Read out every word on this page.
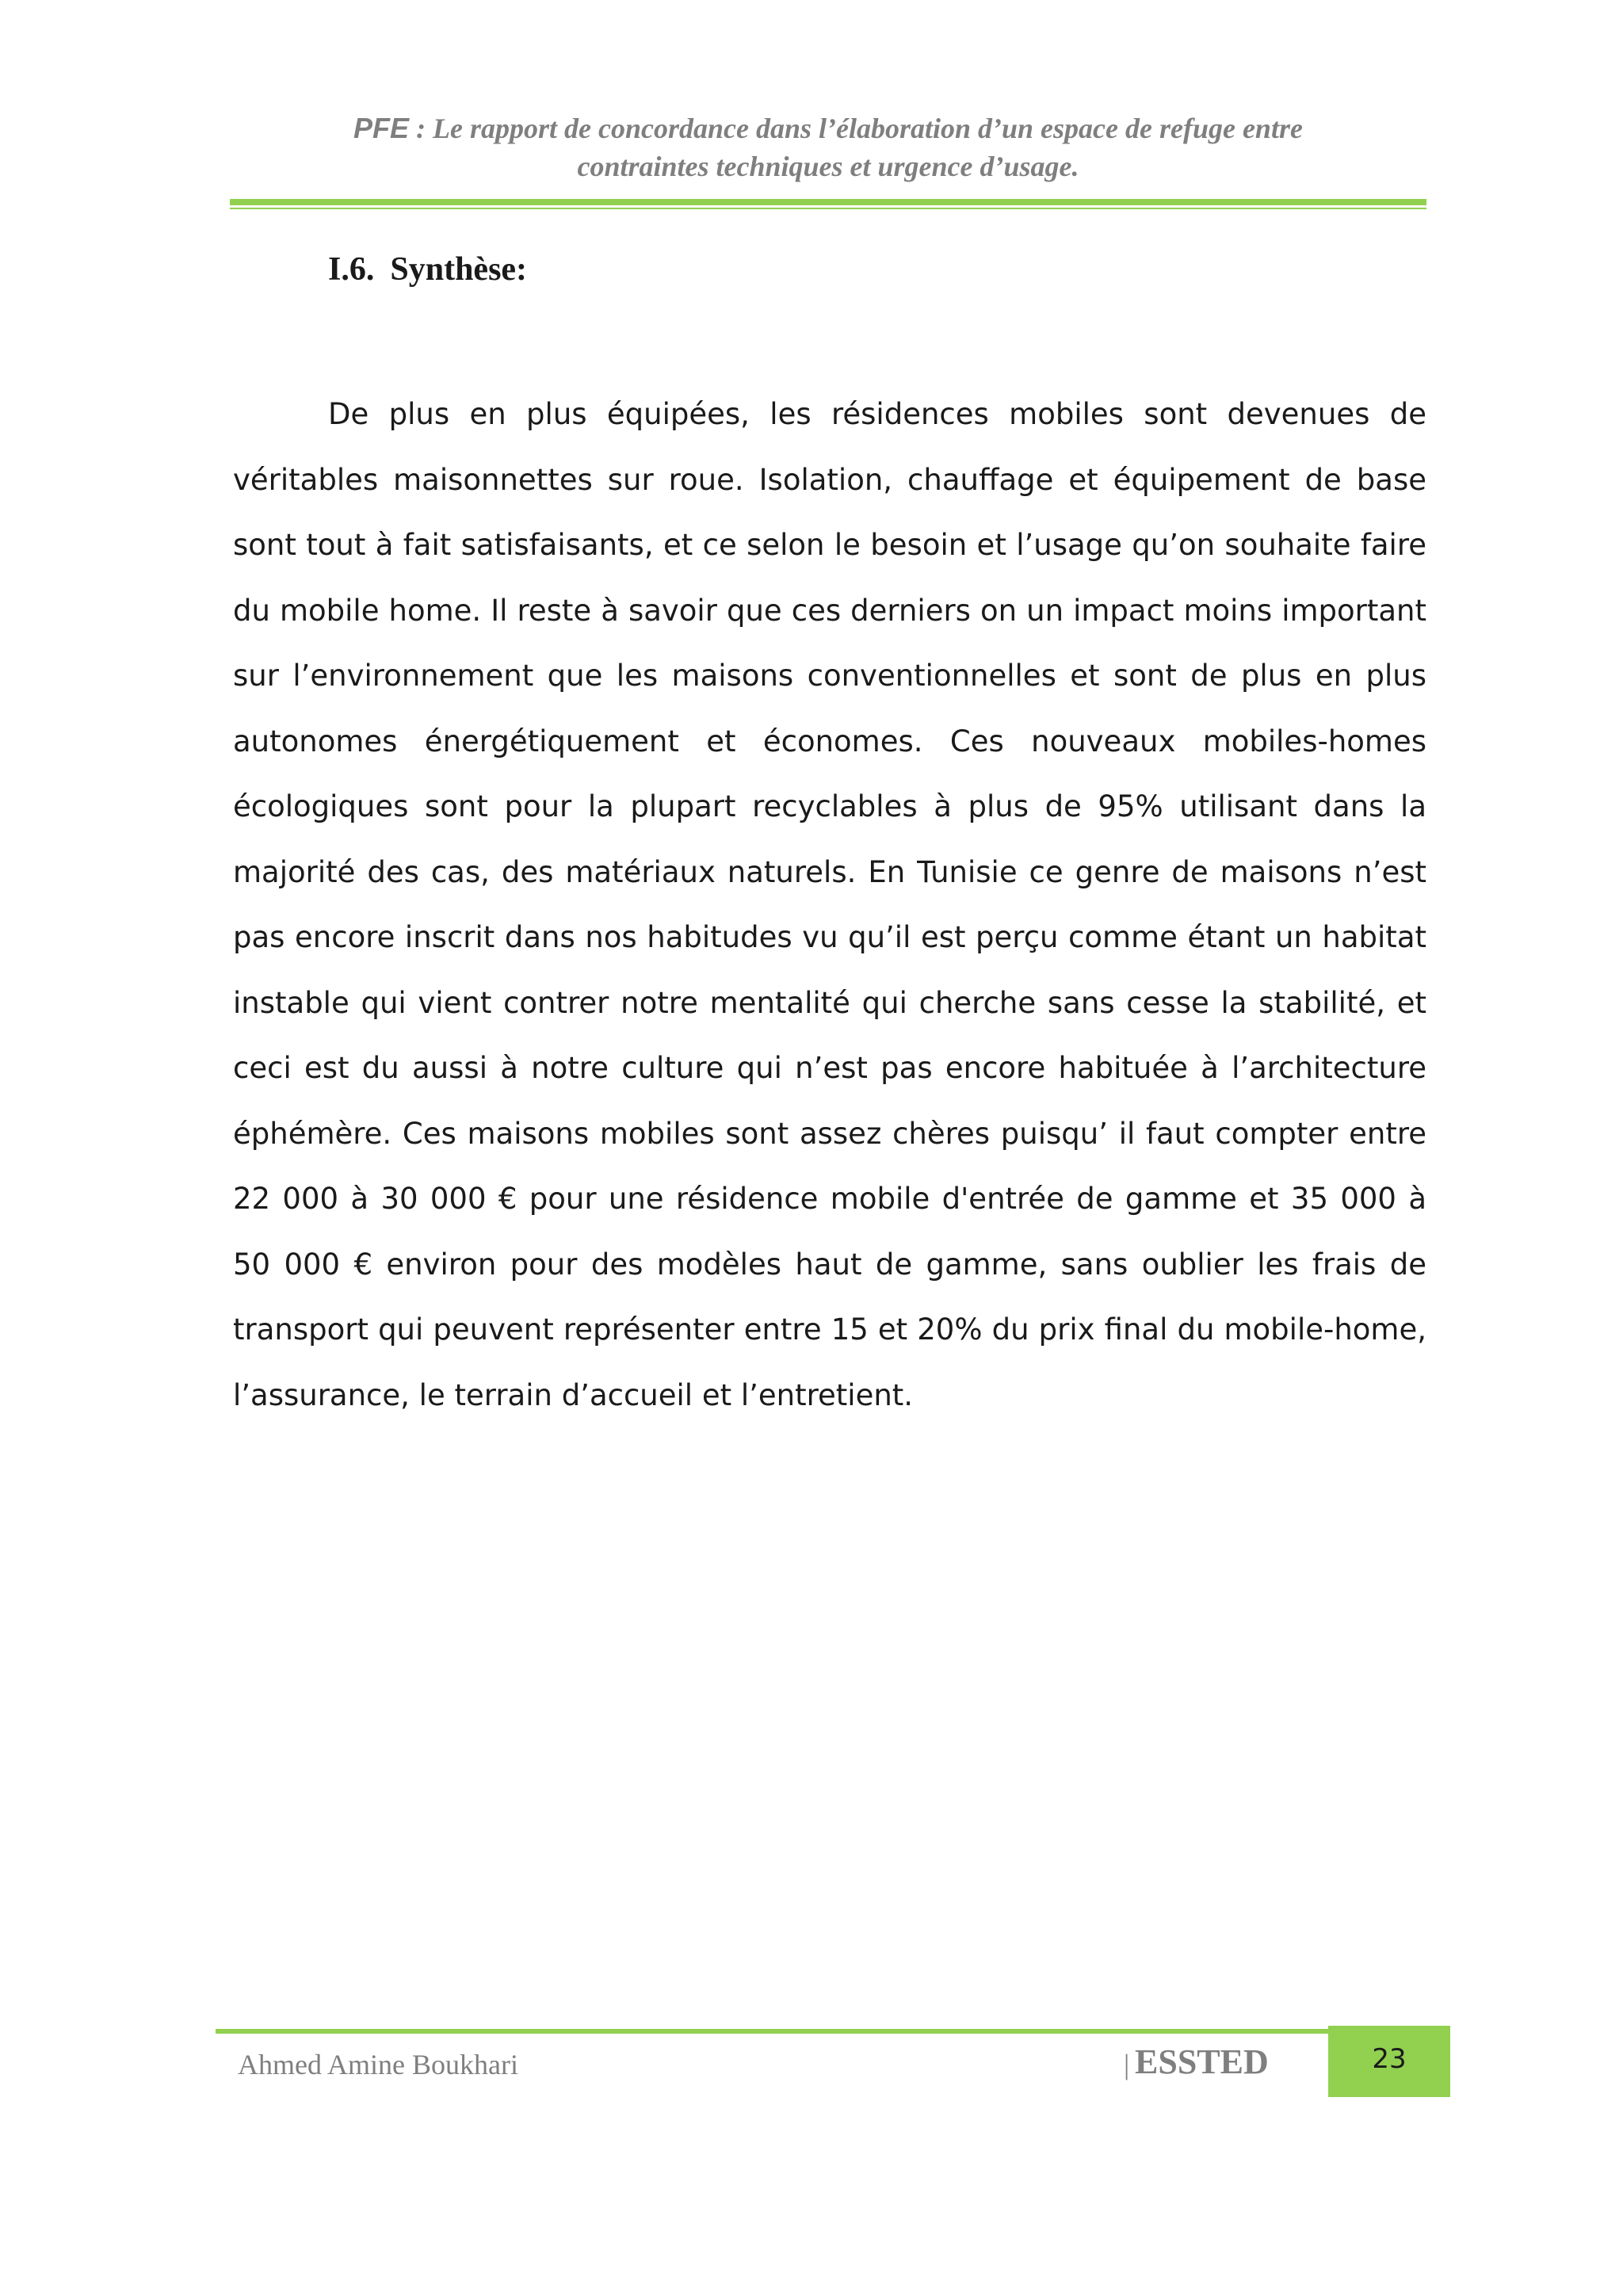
PFE : Le rapport de concordance dans l’élaboration d’un espace de refuge entre
contraintes techniques et urgence d’usage.
I.6. Synthèse:

De plus en plus équipées, les résidences mobiles sont devenues de véritables maisonnettes sur roue. Isolation, chauffage et équipement de base sont tout à fait satisfaisants, et ce selon le besoin et l’usage qu’on souhaite faire du mobile home. Il reste à savoir que ces derniers on un impact moins important sur l’environnement que les maisons conventionnelles et sont de plus en plus autonomes énergétiquement et économes. Ces nouveaux mobiles-homes écologiques sont pour la plupart recyclables à plus de 95% utilisant dans la majorité des cas, des matériaux naturels. En Tunisie ce genre de maisons n’est pas encore inscrit dans nos habitudes vu qu’il est perçu comme étant un habitat instable qui vient contrer notre mentalité qui cherche sans cesse la stabilité, et ceci est du aussi à notre culture qui n’est pas encore habituée à l’architecture éphémère. Ces maisons mobiles sont assez chères puisqu’ il faut compter entre 22 000 à 30 000 € pour une résidence mobile d'entrée de gamme et 35 000 à 50 000 € environ pour des modèles haut de gamme, sans oublier les frais de transport qui peuvent représenter entre 15 et 20% du prix final du mobile-home, l’assurance, le terrain d’accueil et l’entretient.

Ahmed Amine Boukhari	| ESSTED	23
